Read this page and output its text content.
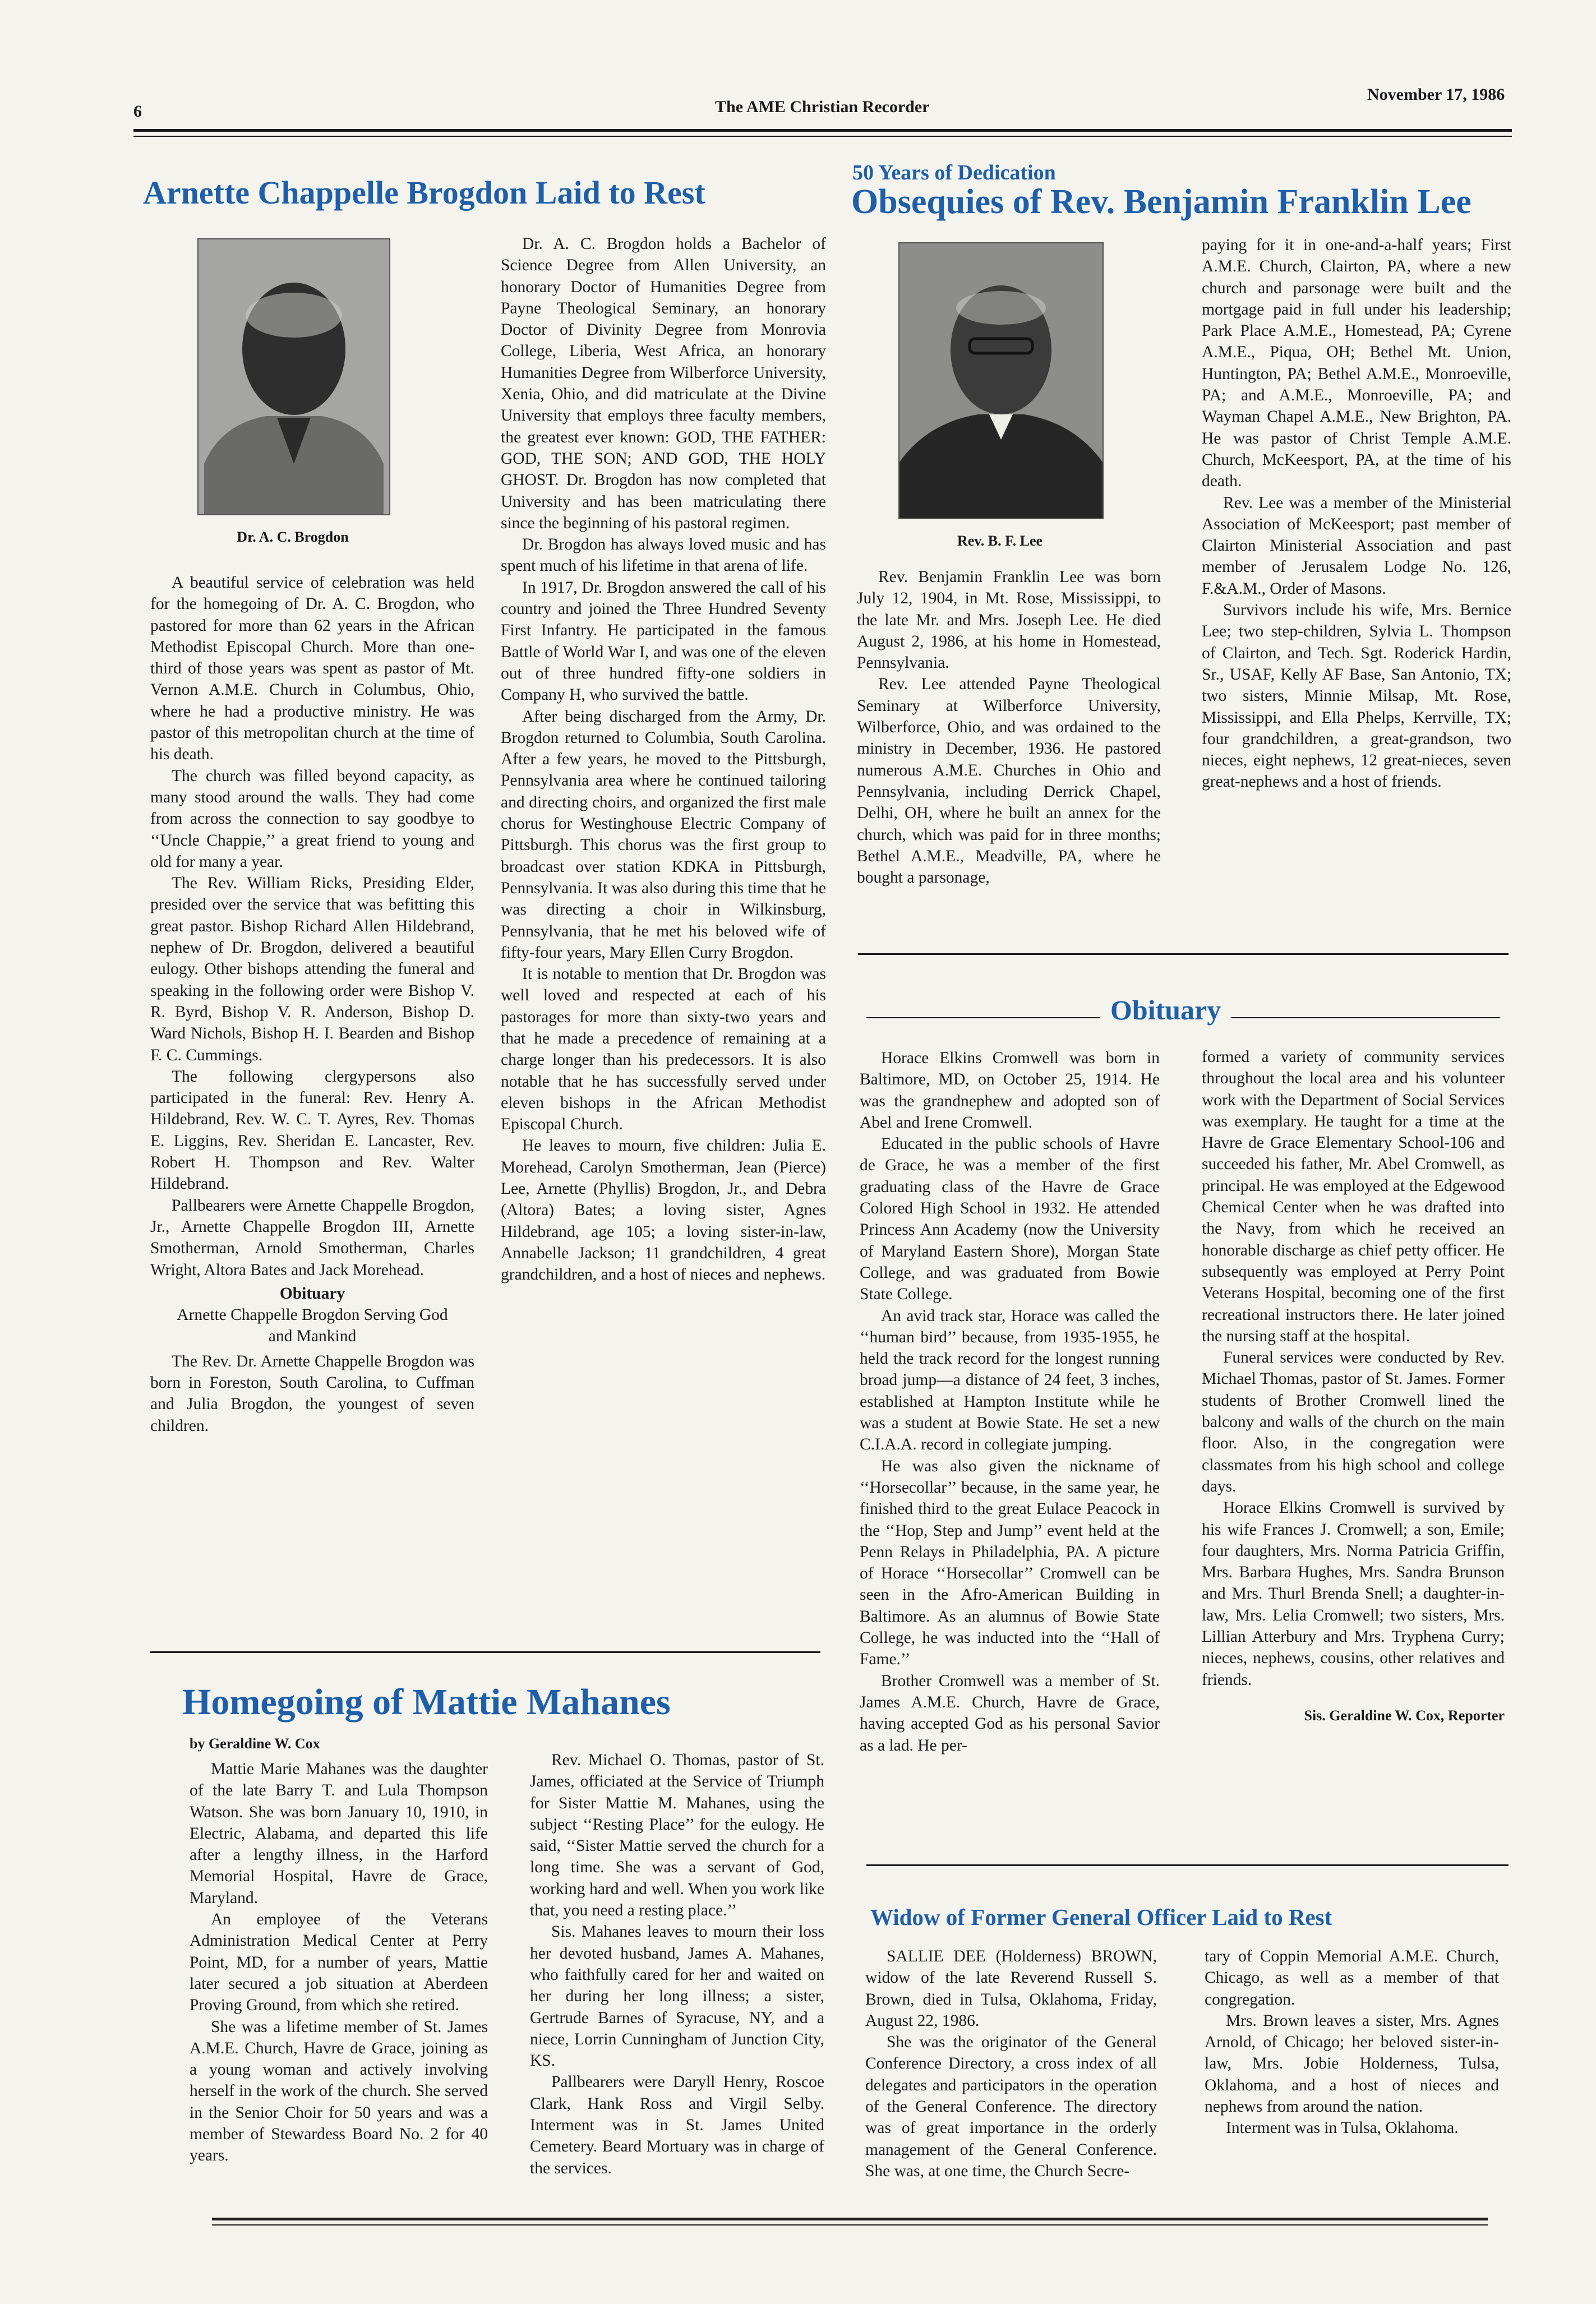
6	The AME Christian Recorder
November 17, 1986
Arnette Chappelle Brogdon Laid to Rest
Dr. A. C. Brogdon

A beautiful service of celebration was held for the homegoing of Dr. A. C. Brogdon, who pastored for more than 62 years in the African Methodist Episcopal Church. More than one-third of those years was spent as pastor of Mt. Vernon A.M.E. Church in Columbus, Ohio, where he had a productive ministry. He was pastor of this metropolitan church at the time of his death.

The church was filled beyond capacity, as many stood around the walls. They had come from across the connection to say goodbye to ‘‘Uncle Chappie,’’ a great friend to young and old for many a year.

The Rev. William Ricks, Presiding Elder, presided over the service that was befitting this great pastor. Bishop Richard Allen Hildebrand, nephew of Dr. Brogdon, delivered a beautiful eulogy. Other bishops attending the funeral and speaking in the following order were Bishop V. R. Byrd, Bishop V. R. Anderson, Bishop D. Ward Nichols, Bishop H. I. Bearden and Bishop F. C. Cummings.

The following clergypersons also participated in the funeral: Rev. Henry A. Hildebrand, Rev. W. C. T. Ayres, Rev. Thomas E. Liggins, Rev. Sheridan E. Lancaster, Rev. Robert H. Thompson and Rev. Walter Hildebrand.

Pallbearers were Arnette Chappelle Brogdon, Jr., Arnette Chappelle Brogdon III, Arnette Smotherman, Arnold Smotherman, Charles Wright, Altora Bates and Jack Morehead.

Obituary

Arnette Chappelle Brogdon Serving God and Mankind

The Rev. Dr. Arnette Chappelle Brogdon was born in Foreston, South Carolina, to Cuffman and Julia Brogdon, the youngest of seven children.

Dr. A. C. Brogdon holds a Bachelor of Science Degree from Allen University, an honorary Doctor of Humanities Degree from Payne Theological Seminary, an honorary Doctor of Divinity Degree from Monrovia College, Liberia, West Africa, an honorary Humanities Degree from Wilberforce University, Xenia, Ohio, and did matriculate at the Divine University that employs three faculty members, the greatest ever known: GOD, THE FATHER: GOD, THE SON; AND GOD, THE HOLY GHOST. Dr. Brogdon has now completed that University and has been matriculating there since the beginning of his pastoral regimen.

Dr. Brogdon has always loved music and has spent much of his lifetime in that arena of life.

In 1917, Dr. Brogdon answered the call of his country and joined the Three Hundred Seventy First Infantry. He participated in the famous Battle of World War I, and was one of the eleven out of three hundred fifty-one soldiers in Company H, who survived the battle.

After being discharged from the Army, Dr. Brogdon returned to Columbia, South Carolina. After a few years, he moved to the Pittsburgh, Pennsylvania area where he continued tailoring and directing choirs, and organized the first male chorus for Westinghouse Electric Company of Pittsburgh. This chorus was the first group to broadcast over station KDKA in Pittsburgh, Pennsylvania. It was also during this time that he was directing a choir in Wilkinsburg, Pennsylvania, that he met his beloved wife of fifty-four years, Mary Ellen Curry Brogdon.

It is notable to mention that Dr. Brogdon was well loved and respected at each of his pastorages for more than sixty-two years and that he made a precedence of remaining at a charge longer than his predecessors. It is also notable that he has successfully served under eleven bishops in the African Methodist Episcopal Church.

He leaves to mourn, five children: Julia E. Morehead, Carolyn Smotherman, Jean (Pierce) Lee, Arnette (Phyllis) Brogdon, Jr., and Debra (Altora) Bates; a loving sister, Agnes Hildebrand, age 105; a loving sister-in-law, Annabelle Jackson; 11 grandchildren, 4 great grandchildren, and a host of nieces and nephews.

Homegoing of Mattie Mahanes
by Geraldine W. Cox

Mattie Marie Mahanes was the daughter of the late Barry T. and Lula Thompson Watson. She was born January 10, 1910, in Electric, Alabama, and departed this life after a lengthy illness, in the Harford Memorial Hospital, Havre de Grace, Maryland.

An employee of the Veterans Administration Medical Center at Perry Point, MD, for a number of years, Mattie later secured a job situation at Aberdeen Proving Ground, from which she retired.

She was a lifetime member of St. James A.M.E. Church, Havre de Grace, joining as a young woman and actively involving herself in the work of the church. She served in the Senior Choir for 50 years and was a member of Stewardess Board No. 2 for 40 years.

Rev. Michael O. Thomas, pastor of St. James, officiated at the Service of Triumph for Sister Mattie M. Mahanes, using the subject ‘‘Resting Place’’ for the eulogy. He said, ‘‘Sister Mattie served the church for a long time. She was a servant of God, working hard and well. When you work like that, you need a resting place.’’

Sis. Mahanes leaves to mourn their loss her devoted husband, James A. Mahanes, who faithfully cared for her and waited on her during her long illness; a sister, Gertrude Barnes of Syracuse, NY, and a niece, Lorrin Cunningham of Junction City, KS.

Pallbearers were Daryll Henry, Roscoe Clark, Hank Ross and Virgil Selby. Interment was in St. James United Cemetery. Beard Mortuary was in charge of the services.

50 Years of Dedication
Obsequies of Rev. Benjamin Franklin Lee
Rev. B. F. Lee

Rev. Benjamin Franklin Lee was born July 12, 1904, in Mt. Rose, Mississippi, to the late Mr. and Mrs. Joseph Lee. He died August 2, 1986, at his home in Homestead, Pennsylvania.

Rev. Lee attended Payne Theological Seminary at Wilberforce University, Wilberforce, Ohio, and was ordained to the ministry in December, 1936. He pastored numerous A.M.E. Churches in Ohio and Pennsylvania, including Derrick Chapel, Delhi, OH, where he built an annex for the church, which was paid for in three months; Bethel A.M.E., Meadville, PA, where he bought a parsonage,

paying for it in one-and-a-half years; First A.M.E. Church, Clairton, PA, where a new church and parsonage were built and the mortgage paid in full under his leadership; Park Place A.M.E., Homestead, PA; Cyrene A.M.E., Piqua, OH; Bethel Mt. Union, Huntington, PA; Bethel A.M.E., Monroeville, PA; and A.M.E., Monroeville, PA; and Wayman Chapel A.M.E., New Brighton, PA. He was pastor of Christ Temple A.M.E. Church, McKeesport, PA, at the time of his death.

Rev. Lee was a member of the Ministerial Association of McKeesport; past member of Clairton Ministerial Association and past member of Jerusalem Lodge No. 126, F.&A.M., Order of Masons.

Survivors include his wife, Mrs. Bernice Lee; two step-children, Sylvia L. Thompson of Clairton, and Tech. Sgt. Roderick Hardin, Sr., USAF, Kelly AF Base, San Antonio, TX; two sisters, Minnie Milsap, Mt. Rose, Mississippi, and Ella Phelps, Kerrville, TX; four grandchildren, a great-grandson, two nieces, eight nephews, 12 great-nieces, seven great-nephews and a host of friends.

Obituary

Horace Elkins Cromwell was born in Baltimore, MD, on October 25, 1914. He was the grandnephew and adopted son of Abel and Irene Cromwell.

Educated in the public schools of Havre de Grace, he was a member of the first graduating class of the Havre de Grace Colored High School in 1932. He attended Princess Ann Academy (now the University of Maryland Eastern Shore), Morgan State College, and was graduated from Bowie State College.

An avid track star, Horace was called the ‘‘human bird’’ because, from 1935-1955, he held the track record for the longest running broad jump—a distance of 24 feet, 3 inches, established at Hampton Institute while he was a student at Bowie State. He set a new C.I.A.A. record in collegiate jumping.

He was also given the nickname of ‘‘Horsecollar’’ because, in the same year, he finished third to the great Eulace Peacock in the ‘‘Hop, Step and Jump’’ event held at the Penn Relays in Philadelphia, PA. A picture of Horace ‘‘Horsecollar’’ Cromwell can be seen in the Afro-American Building in Baltimore. As an alumnus of Bowie State College, he was inducted into the ‘‘Hall of Fame.’’

Brother Cromwell was a member of St. James A.M.E. Church, Havre de Grace, having accepted God as his personal Savior as a lad. He per-

formed a variety of community services throughout the local area and his volunteer work with the Department of Social Services was exemplary. He taught for a time at the Havre de Grace Elementary School-106 and succeeded his father, Mr. Abel Cromwell, as principal. He was employed at the Edgewood Chemical Center when he was drafted into the Navy, from which he received an honorable discharge as chief petty officer. He subsequently was employed at Perry Point Veterans Hospital, becoming one of the first recreational instructors there. He later joined the nursing staff at the hospital.

Funeral services were conducted by Rev. Michael Thomas, pastor of St. James. Former students of Brother Cromwell lined the balcony and walls of the church on the main floor. Also, in the congregation were classmates from his high school and college days.

Horace Elkins Cromwell is survived by his wife Frances J. Cromwell; a son, Emile; four daughters, Mrs. Norma Patricia Griffin, Mrs. Barbara Hughes, Mrs. Sandra Brunson and Mrs. Thurl Brenda Snell; a daughter-in-law, Mrs. Lelia Cromwell; two sisters, Mrs. Lillian Atterbury and Mrs. Tryphena Curry; nieces, nephews, cousins, other relatives and friends.

Sis. Geraldine W. Cox, Reporter

Widow of Former General Officer Laid to Rest

SALLIE DEE (Holderness) BROWN, widow of the late Reverend Russell S. Brown, died in Tulsa, Oklahoma, Friday, August 22, 1986.

She was the originator of the General Conference Directory, a cross index of all delegates and participators in the operation of the General Conference. The directory was of great importance in the orderly management of the General Conference. She was, at one time, the Church Secre-

tary of Coppin Memorial A.M.E. Church, Chicago, as well as a member of that congregation.

Mrs. Brown leaves a sister, Mrs. Agnes Arnold, of Chicago; her beloved sister-in-law, Mrs. Jobie Holderness, Tulsa, Oklahoma, and a host of nieces and nephews from around the nation.

Interment was in Tulsa, Oklahoma.
